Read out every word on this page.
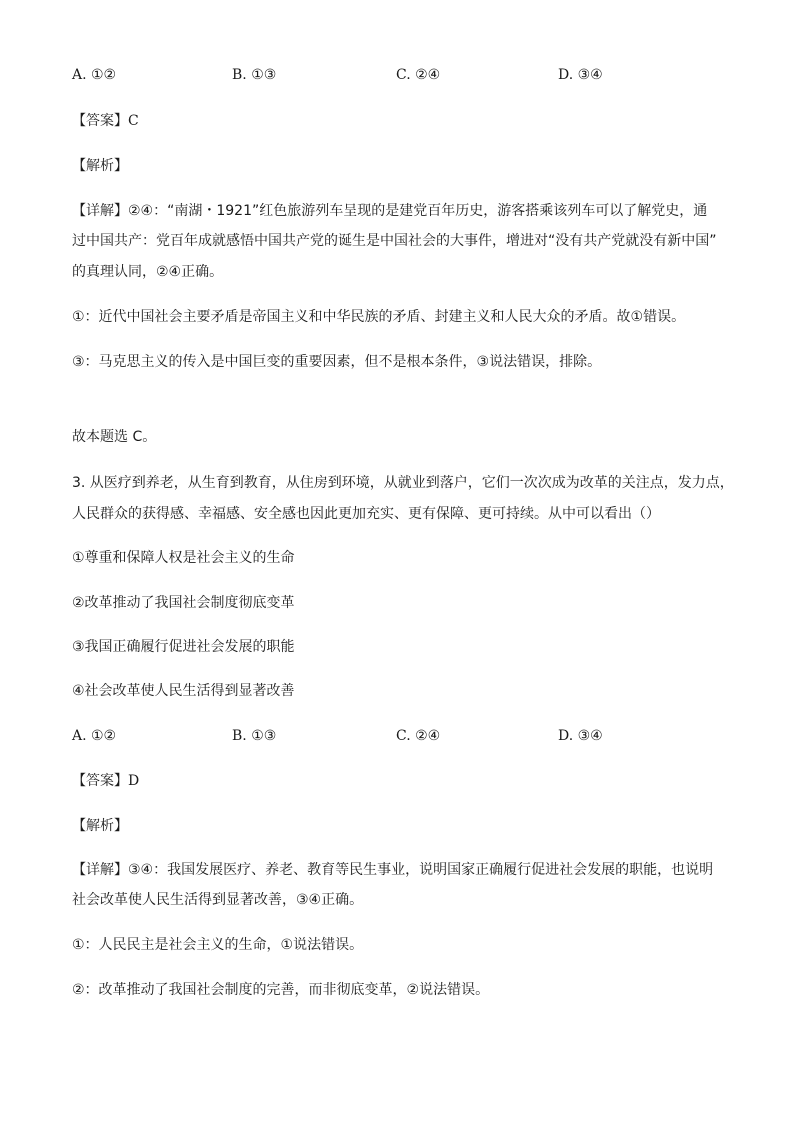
A. ①②	B. ①③	C. ②④	D. ③④
【答案】C
【解析】
【详解】②④：“南湖・1921”红色旅游列车呈现的是建党百年历史，游客搭乘该列车可以了解党史，通
过中国共产：党百年成就感悟中国共产党的诞生是中国社会的大事件，增进对“没有共产党就没有新中国”
的真理认同，②④正确。
①：近代中国社会主要矛盾是帝国主义和中华民族的矛盾、封建主义和人民大众的矛盾。故①错误。
③：马克思主义的传入是中国巨变的重要因素，但不是根本条件，③说法错误，排除。
故本题选 C。
3. 从医疗到养老，从生育到教育，从住房到环境，从就业到落户，它们一次次成为改革的关注点，发力点，
人民群众的获得感、幸福感、安全感也因此更加充实、更有保障、更可持续。从中可以看出（）
①尊重和保障人权是社会主义的生命
②改革推动了我国社会制度彻底变革
③我国正确履行促进社会发展的职能
④社会改革使人民生活得到显著改善
A. ①②	B. ①③	C. ②④	D. ③④
【答案】D
【解析】
【详解】③④：我国发展医疗、养老、教育等民生事业，说明国家正确履行促进社会发展的职能，也说明
社会改革使人民生活得到显著改善，③④正确。
①：人民民主是社会主义的生命，①说法错误。
②：改革推动了我国社会制度的完善，而非彻底变革，②说法错误。
